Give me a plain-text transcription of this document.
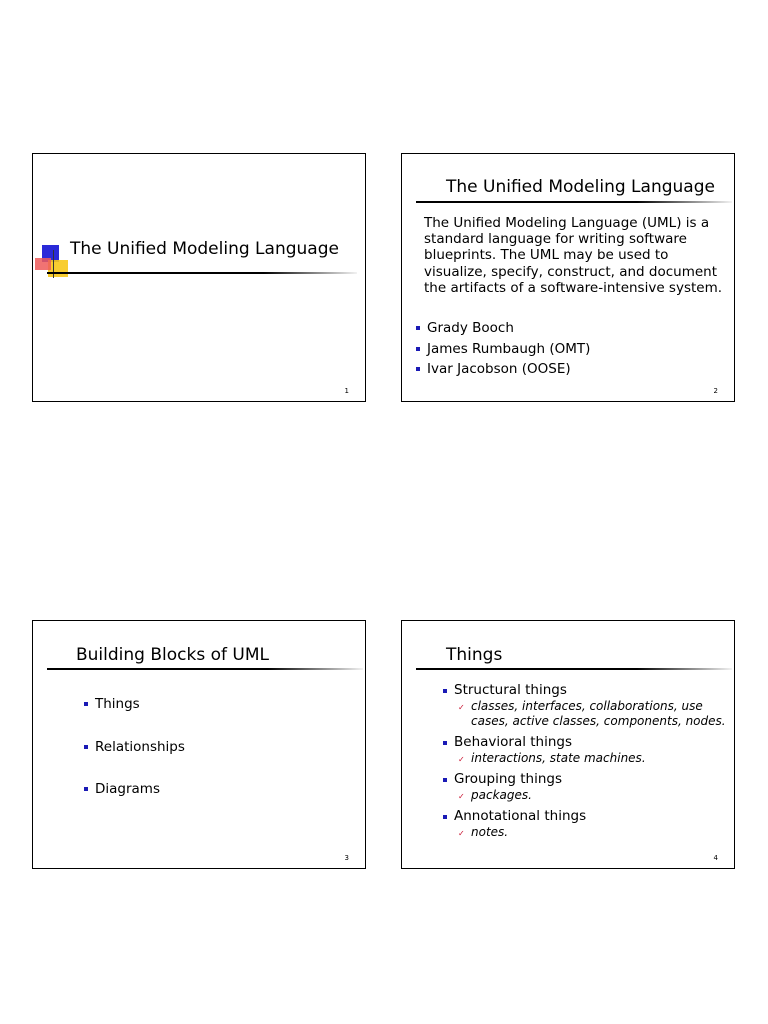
The Unified Modeling Language
1
The Unified Modeling Language
The Unified Modeling Language (UML) is a
standard language for writing software
blueprints. The UML may be used to
visualize, specify, construct, and document
the artifacts of a software-intensive system.
Grady Booch
James Rumbaugh (OMT)
Ivar Jacobson (OOSE)
2
Building Blocks of UML
Things
Relationships
Diagrams
3
Things
Structural things
✓ classes, interfaces, collaborations, use
cases, active classes, components, nodes.
Behavioral things
✓ interactions, state machines.
Grouping things
✓ packages.
Annotational things
✓ notes.
4
